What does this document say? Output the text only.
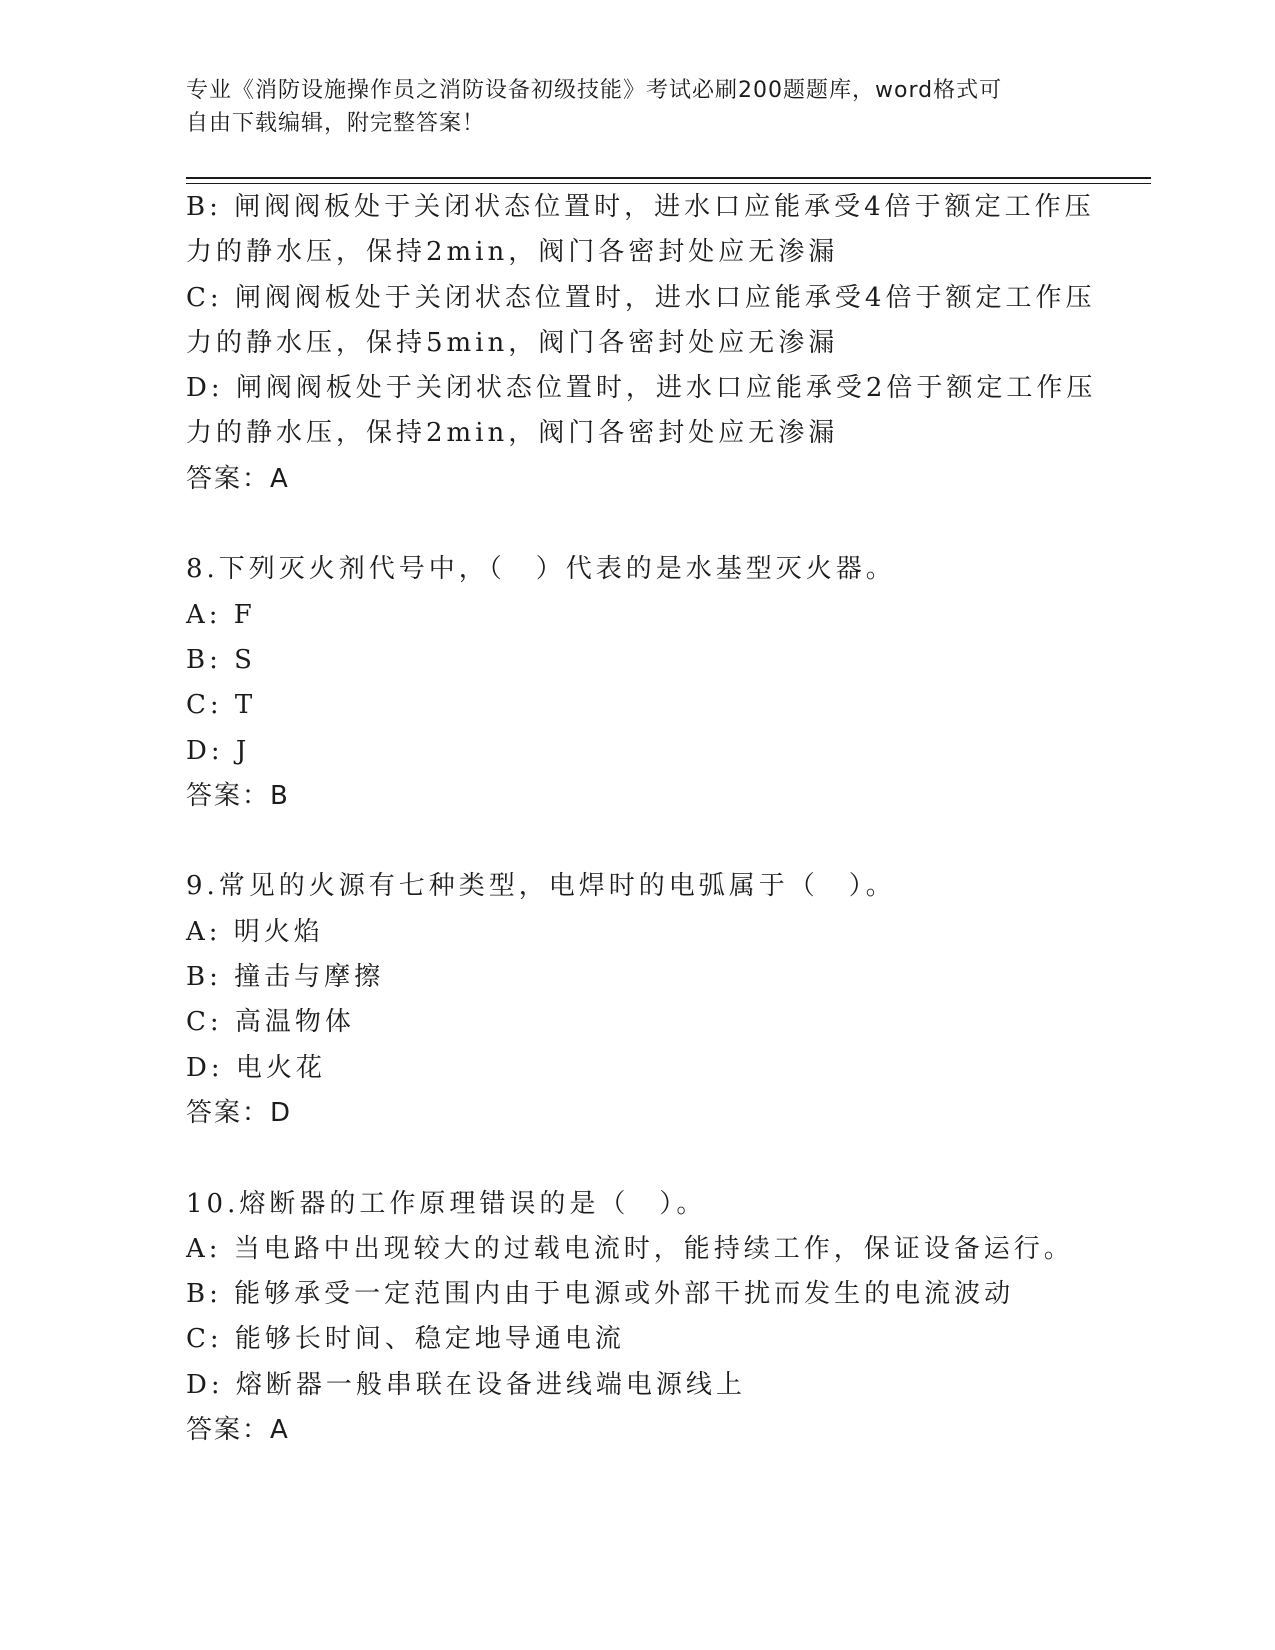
专业《消防设施操作员之消防设备初级技能》考试必刷200题题库，word格式可
自由下载编辑，附完整答案！
B: 闸阀阀板处于关闭状态位置时，进水口应能承受4倍于额定工作压
力的静水压，保持2min，阀门各密封处应无渗漏
C: 闸阀阀板处于关闭状态位置时，进水口应能承受4倍于额定工作压
力的静水压，保持5min，阀门各密封处应无渗漏
D: 闸阀阀板处于关闭状态位置时，进水口应能承受2倍于额定工作压
力的静水压，保持2min，阀门各密封处应无渗漏
答案：A
8.下列灭火剂代号中，（　）代表的是水基型灭火器。
A: F
B: S
C: T
D: J
答案：B
9.常见的火源有七种类型，电焊时的电弧属于（　）。
A: 明火焰
B: 撞击与摩擦
C: 高温物体
D: 电火花
答案：D
10.熔断器的工作原理错误的是（　）。
A: 当电路中出现较大的过载电流时，能持续工作，保证设备运行。
B: 能够承受一定范围内由于电源或外部干扰而发生的电流波动
C: 能够长时间、稳定地导通电流
D: 熔断器一般串联在设备进线端电源线上
答案：A
